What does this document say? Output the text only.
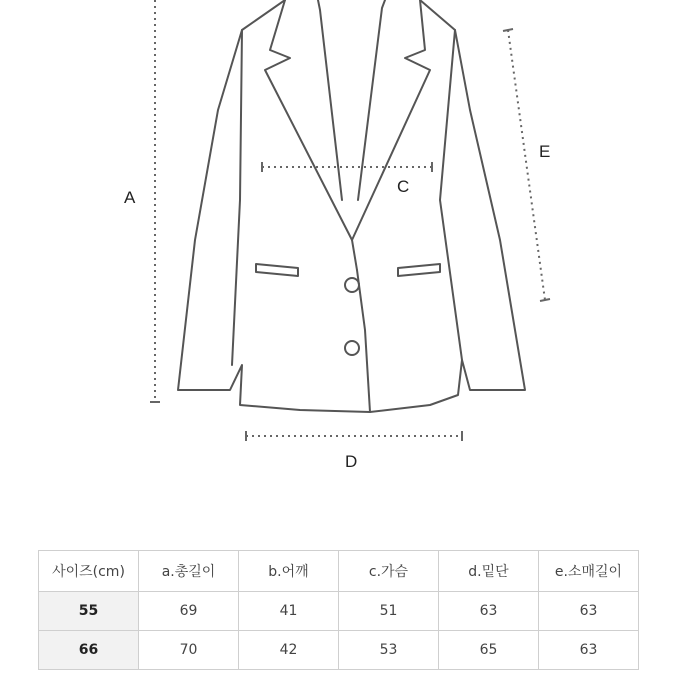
A
C
D
E
사이즈(cm)	a.총길이	b.어깨	c.가슴	d.밑단	e.소매길이
55	69	41	51	63	63
66	70	42	53	65	63
